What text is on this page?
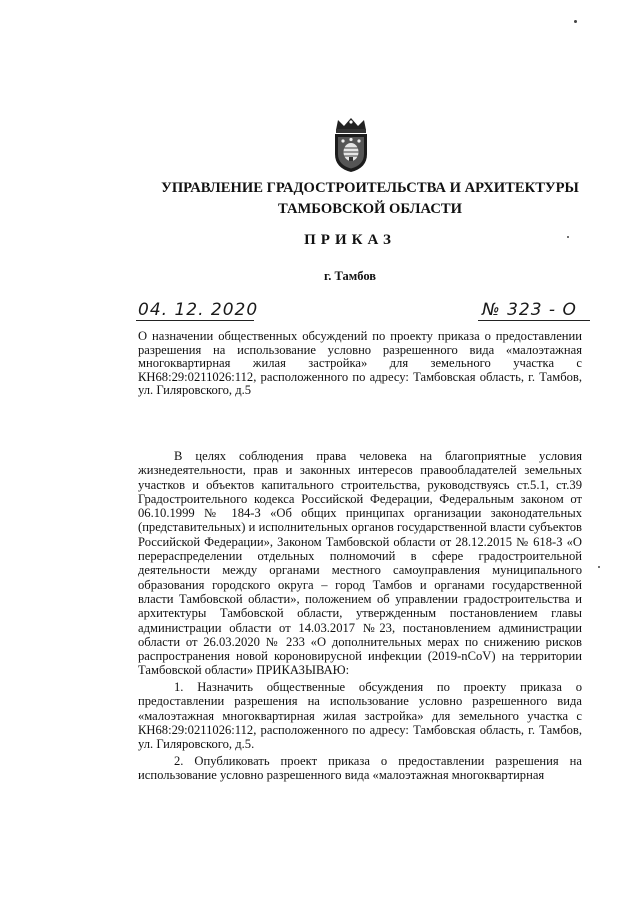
УПРАВЛЕНИЕ ГРАДОСТРОИТЕЛЬСТВА И АРХИТЕКТУРЫ
ТАМБОВСКОЙ ОБЛАСТИ
ПРИКАЗ
г. Тамбов
04. 12. 2020	№ 323 - О
О назначении общественных обсуждений по проекту приказа о предоставлении разрешения на использование условно разрешенного вида «малоэтажная многоквартирная жилая застройка» для земельного участка с КН68:29:0211026:112, расположенного по адресу: Тамбовская область, г. Тамбов, ул. Гиляровского, д.5
В целях соблюдения права человека на благоприятные условия жизнедеятельности, прав и законных интересов правообладателей земельных участков и объектов капитального строительства, руководствуясь ст.5.1, ст.39 Градостроительного кодекса Российской Федерации, Федеральным законом от 06.10.1999 № 184-З «Об общих принципах организации законодательных (представительных) и исполнительных органов государственной власти субъектов Российской Федерации», Законом Тамбовской области от 28.12.2015 № 618-З «О перераспределении отдельных полномочий в сфере градостроительной деятельности между органами местного самоуправления муниципального образования городского округа – город Тамбов и органами государственной власти Тамбовской области», положением об управлении градостроительства и архитектуры Тамбовской области, утвержденным постановлением главы администрации области от 14.03.2017 №23, постановлением администрации области от 26.03.2020 № 233 «О дополнительных мерах по снижению рисков распространения новой короновирусной инфекции (2019-nCoV) на территории Тамбовской области» ПРИКАЗЫВАЮ:
1. Назначить общественные обсуждения по проекту приказа о предоставлении разрешения на использование условно разрешенного вида «малоэтажная многоквартирная жилая застройка» для земельного участка с КН68:29:0211026:112, расположенного по адресу: Тамбовская область, г. Тамбов, ул. Гиляровского, д.5.
2. Опубликовать проект приказа о предоставлении разрешения на использование условно разрешенного вида «малоэтажная многоквартирная
